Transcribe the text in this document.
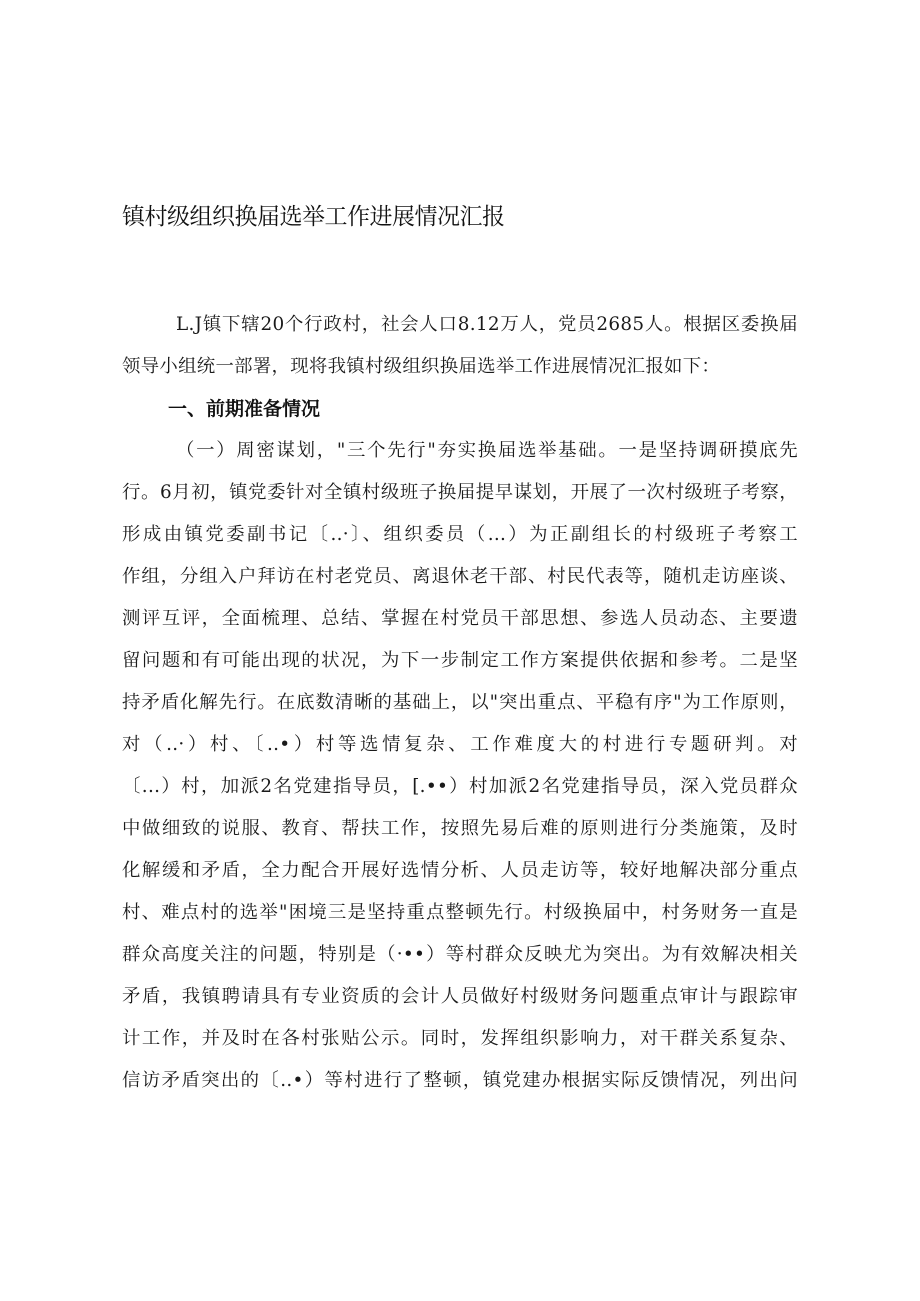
镇村级组织换届选举工作进展情况汇报

L.J镇下辖20个行政村，社会人口8.12万人，党员2685人。根据区委换届

领导小组统一部署，现将我镇村级组织换届选举工作进展情况汇报如下：

一、前期准备情况

（一）周密谋划，"三个先行"夯实换届选举基础。一是坚持调研摸底先

行。6月初，镇党委针对全镇村级班子换届提早谋划，开展了一次村级班子考察，

形成由镇党委副书记〔..·〕、组织委员（...）为正副组长的村级班子考察工

作组，分组入户拜访在村老党员、离退休老干部、村民代表等，随机走访座谈、

测评互评，全面梳理、总结、掌握在村党员干部思想、参选人员动态、主要遗

留问题和有可能出现的状况，为下一步制定工作方案提供依据和参考。二是坚

持矛盾化解先行。在底数清晰的基础上，以"突出重点、平稳有序"为工作原则，

对（..·）村、〔..•）村等选情复杂、工作难度大的村进行专题研判。对

〔...）村，加派2名党建指导员，[.••）村加派2名党建指导员，深入党员群众

中做细致的说服、教育、帮扶工作，按照先易后难的原则进行分类施策，及时

化解缓和矛盾，全力配合开展好选情分析、人员走访等，较好地解决部分重点

村、难点村的选举"困境三是坚持重点整顿先行。村级换届中，村务财务一直是

群众高度关注的问题，特别是（·••）等村群众反映尤为突出。为有效解决相关

矛盾，我镇聘请具有专业资质的会计人员做好村级财务问题重点审计与跟踪审

计工作，并及时在各村张贴公示。同时，发挥组织影响力，对干群关系复杂、

信访矛盾突出的〔..•）等村进行了整顿，镇党建办根据实际反馈情况，列出问
